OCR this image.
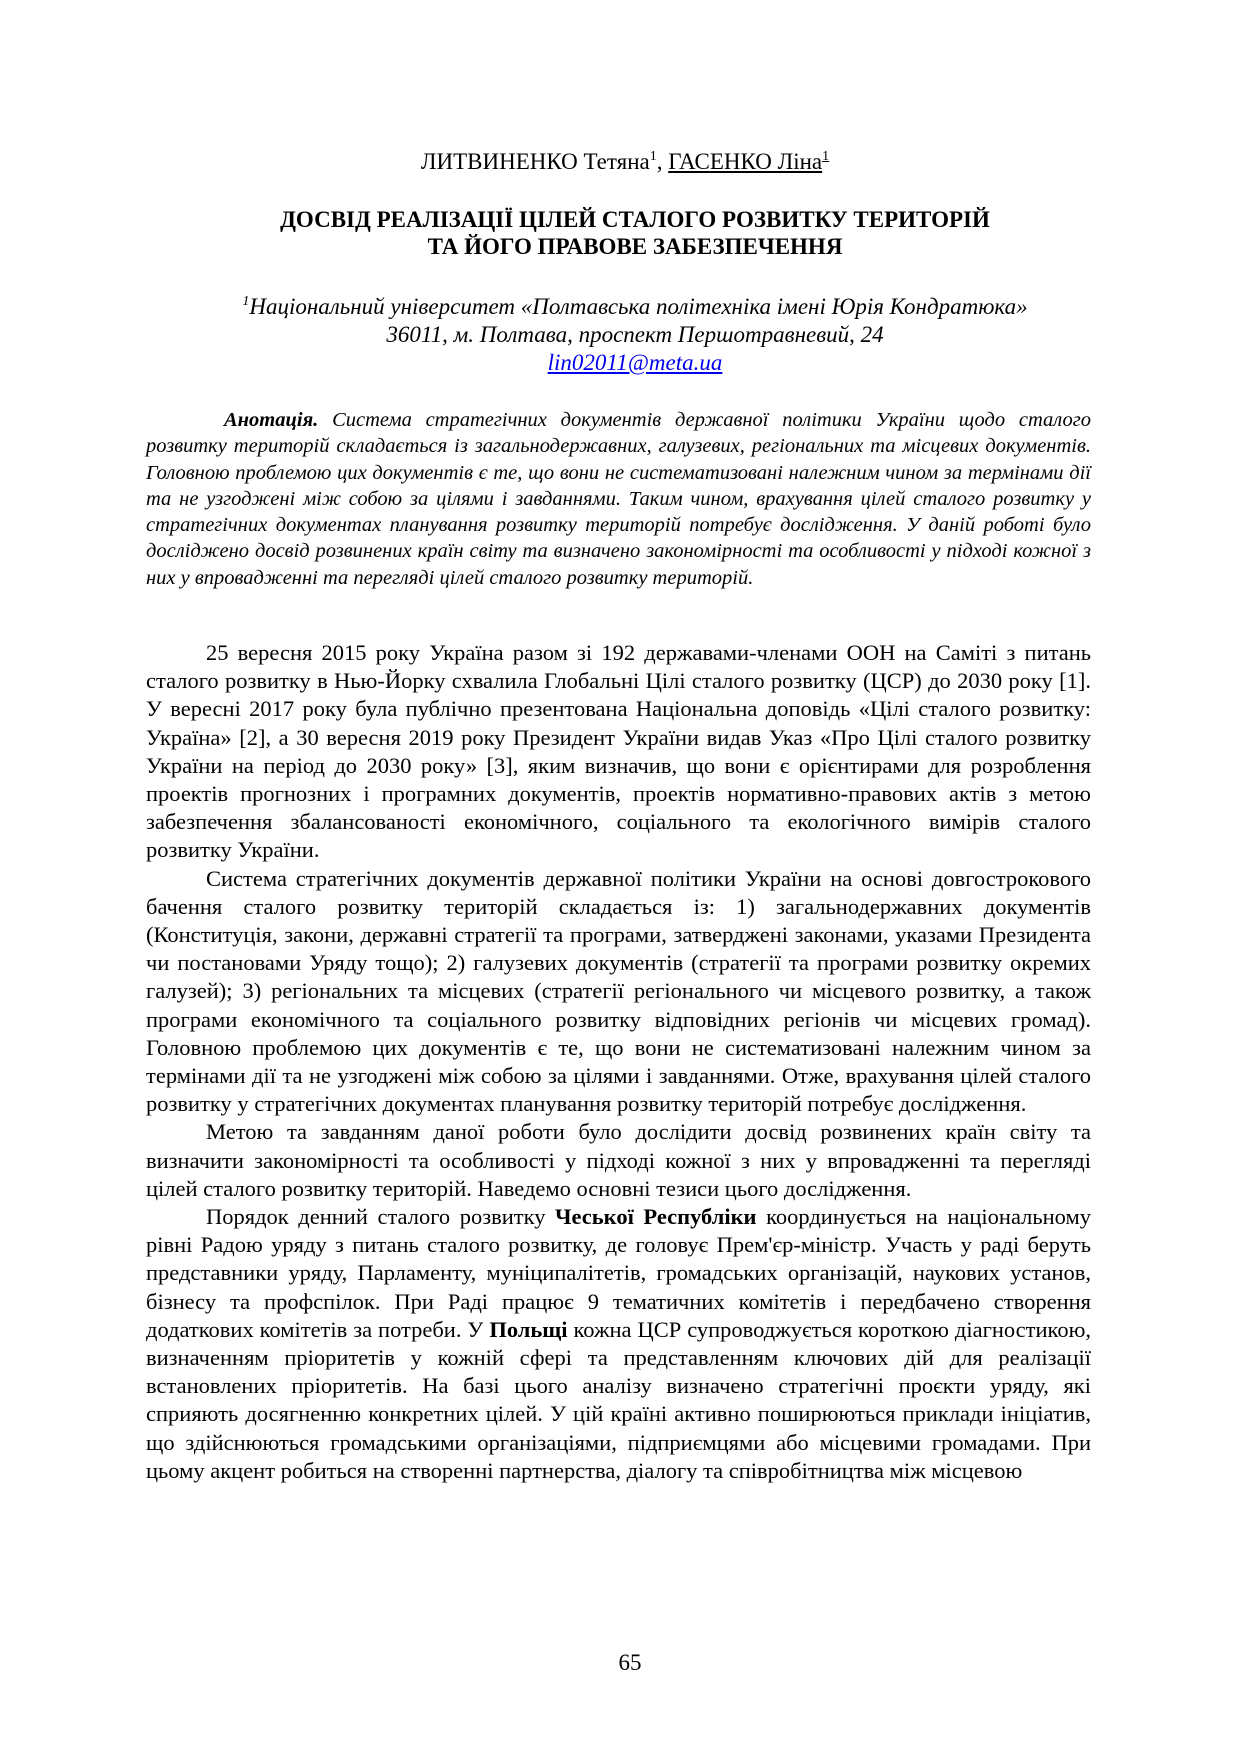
ЛИТВИНЕНКО Тетяна$^1$, ГАСЕНКО Ліна$^1$
ДОСВІД РЕАЛІЗАЦІЇ ЦІЛЕЙ СТАЛОГО РОЗВИТКУ ТЕРИТОРІЙ
ТА ЙОГО ПРАВОВЕ ЗАБЕЗПЕЧЕННЯ
$^1$Національний університет «Полтавська політехніка імені Юрія Кондратюка»
36011, м. Полтава, проспект Першотравневий, 24
lin02011@meta.ua
Анотація. Система стратегічних документів державної політики України щодо сталого розвитку територій складається із загальнодержавних, галузевих, регіональних та місцевих документів. Головною проблемою цих документів є те, що вони не систематизовані належним чином за термінами дії та не узгоджені між собою за цілями і завданнями. Таким чином, врахування цілей сталого розвитку у стратегічних документах планування розвитку територій потребує дослідження. У даній роботі було досліджено досвід розвинених країн світу та визначено закономірності та особливості у підході кожної з них у впровадженні та перегляді цілей сталого розвитку територій.

25 вересня 2015 року Україна разом зі 192 державами-членами ООН на Саміті з питань сталого розвитку в Нью-Йорку схвалила Глобальні Цілі сталого розвитку (ЦСР) до 2030 року [1]. У вересні 2017 року була публічно презентована Національна доповідь «Цілі сталого розвитку: Україна» [2], а 30 вересня 2019 року Президент України видав Указ «Про Цілі сталого розвитку України на період до 2030 року» [3], яким визначив, що вони є орієнтирами для розроблення проектів прогнозних і програмних документів, проектів нормативно-правових актів з метою забезпечення збалансованості економічного, соціального та екологічного вимірів сталого розвитку України.

Система стратегічних документів державної політики України на основі довгострокового бачення сталого розвитку територій складається із: 1) загальнодержавних документів (Конституція, закони, державні стратегії та програми, затверджені законами, указами Президента чи постановами Уряду тощо); 2) галузевих документів (стратегії та програми розвитку окремих галузей); 3) регіональних та місцевих (стратегії регіонального чи місцевого розвитку, а також програми економічного та соціального розвитку відповідних регіонів чи місцевих громад). Головною проблемою цих документів є те, що вони не систематизовані належним чином за термінами дії та не узгоджені між собою за цілями і завданнями. Отже, врахування цілей сталого розвитку у стратегічних документах планування розвитку територій потребує дослідження.

Метою та завданням даної роботи було дослідити досвід розвинених країн світу та визначити закономірності та особливості у підході кожної з них у впровадженні та перегляді цілей сталого розвитку територій. Наведемо основні тезиси цього дослідження.

Порядок денний сталого розвитку Чеської Республіки координується на національному рівні Радою уряду з питань сталого розвитку, де головує Прем'єр-міністр. Участь у раді беруть представники уряду, Парламенту, муніципалітетів, громадських організацій, наукових установ, бізнесу та профспілок. При Раді працює 9 тематичних комітетів і передбачено створення додаткових комітетів за потреби. У Польщі кожна ЦСР супроводжується короткою діагностикою, визначенням пріоритетів у кожній сфері та представленням ключових дій для реалізації встановлених пріоритетів. На базі цього аналізу визначено стратегічні проєкти уряду, які сприяють досягненню конкретних цілей. У цій країні активно поширюються приклади ініціатив, що здійснюються громадськими організаціями, підприємцями або місцевими громадами. При цьому акцент робиться на створенні партнерства, діалогу та співробітництва між місцевою

65
